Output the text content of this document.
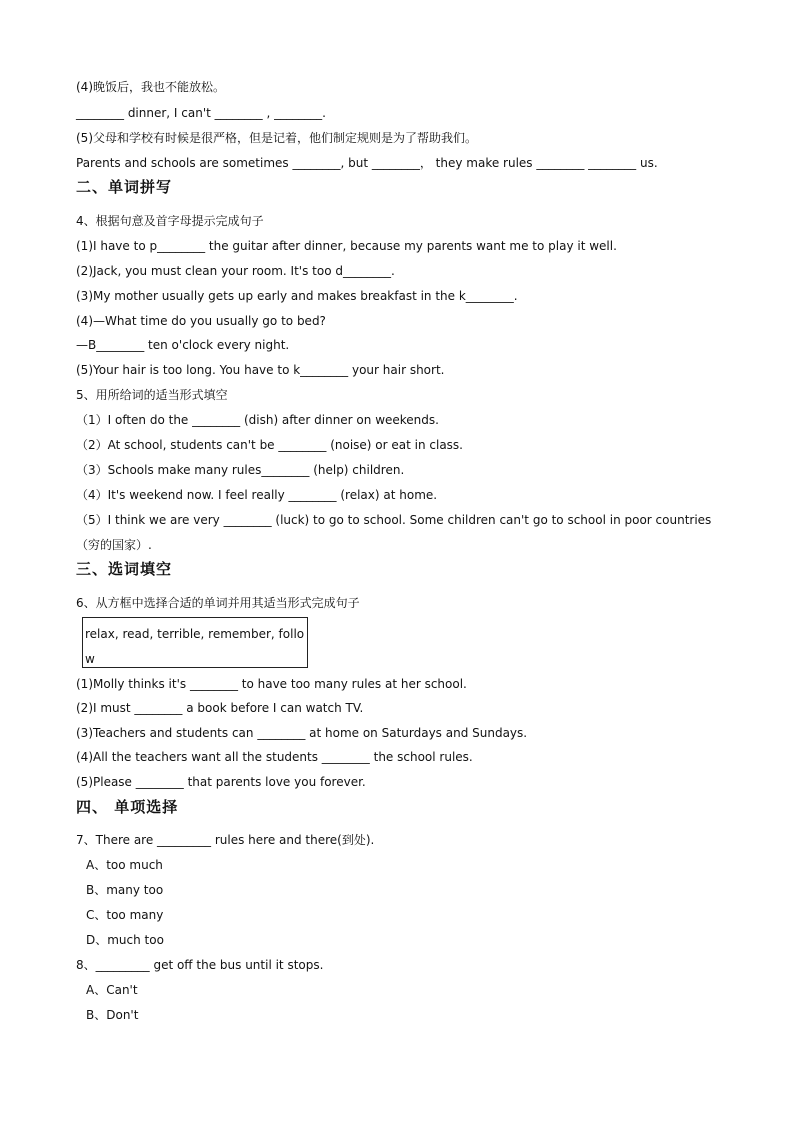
(4)晚饭后，我也不能放松。
________ dinner, I can't ________ , ________.
(5)父母和学校有时候是很严格，但是记着，他们制定规则是为了帮助我们。
Parents and schools are sometimes ________, but ________， they make rules ________ ________ us.
二、单词拼写
4、根据句意及首字母提示完成句子
(1)I have to p________ the guitar after dinner, because my parents want me to play it well.
(2)Jack, you must clean your room. It's too d________.
(3)My mother usually gets up early and makes breakfast in the k________.
(4)—What time do you usually go to bed?
—B________ ten o'clock every night.
(5)Your hair is too long. You have to k________ your hair short.
5、用所给词的适当形式填空
（1）I often do the ________ (dish) after dinner on weekends.
（2）At school, students can't be ________ (noise) or eat in class.
（3）Schools make many rules________ (help) children.
（4）It's weekend now. I feel really ________ (relax) at home.
（5）I think we are very ________ (luck) to go to school. Some children can't go to school in poor countries（穷的国家）.
三、选词填空
6、从方框中选择合适的单词并用其适当形式完成句子
relax, read, terrible, remember, follow
(1)Molly thinks it's ________ to have too many rules at her school.
(2)I must ________ a book before I can watch TV.
(3)Teachers and students can ________ at home on Saturdays and Sundays.
(4)All the teachers want all the students ________ the school rules.
(5)Please ________ that parents love you forever.
四、 单项选择
7、There are _________ rules here and there(到处).
A、too much
B、many too
C、too many
D、much too
8、_________ get off the bus until it stops.
A、Can't
B、Don't
